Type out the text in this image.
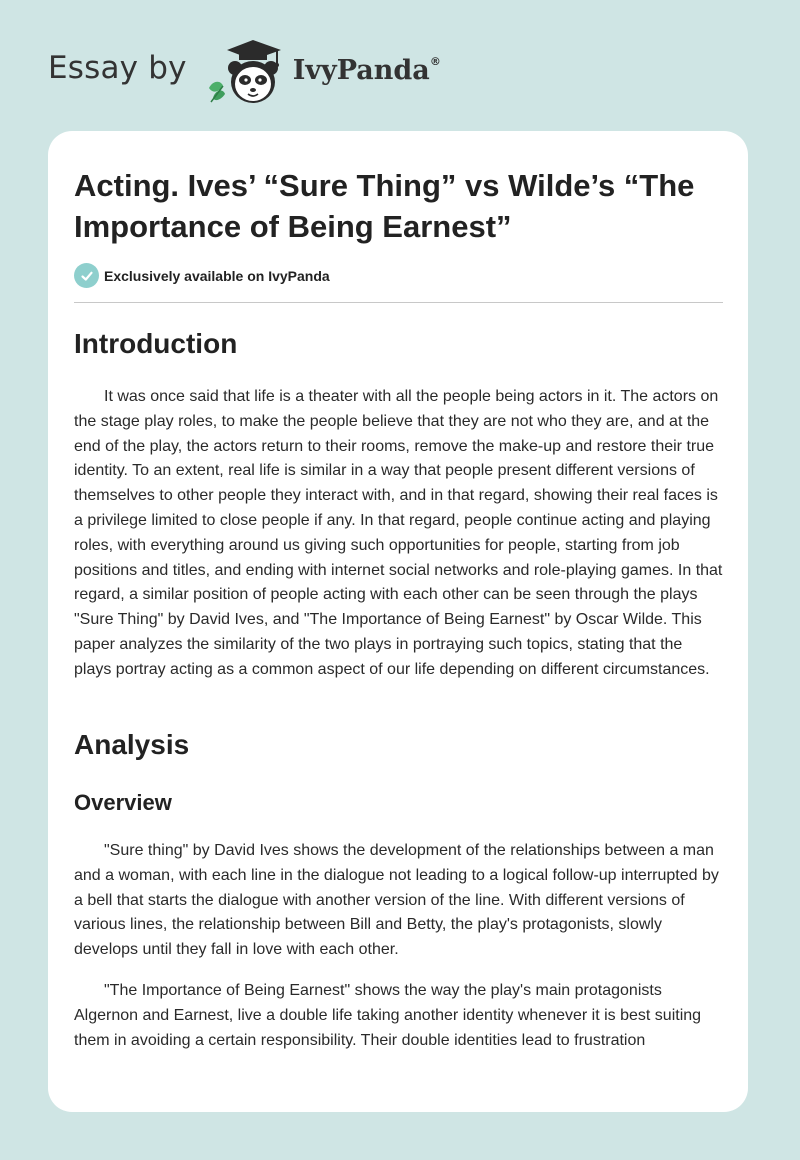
Essay by	IvyPanda®
Acting. Ives’ “Sure Thing” vs Wilde’s “The Importance of Being Earnest”
Exclusively available on IvyPanda
Introduction

It was once said that life is a theater with all the people being actors in it. The actors on the stage play roles, to make the people believe that they are not who they are, and at the end of the play, the actors return to their rooms, remove the make-up and restore their true identity. To an extent, real life is similar in a way that people present different versions of themselves to other people they interact with, and in that regard, showing their real faces is a privilege limited to close people if any. In that regard, people continue acting and playing roles, with everything around us giving such opportunities for people, starting from job positions and titles, and ending with internet social networks and role-playing games. In that regard, a similar position of people acting with each other can be seen through the plays "Sure Thing" by David Ives, and "The Importance of Being Earnest" by Oscar Wilde. This paper analyzes the similarity of the two plays in portraying such topics, stating that the plays portray acting as a common aspect of our life depending on different circumstances.

Analysis
Overview

"Sure thing" by David Ives shows the development of the relationships between a man and a woman, with each line in the dialogue not leading to a logical follow-up interrupted by a bell that starts the dialogue with another version of the line. With different versions of various lines, the relationship between Bill and Betty, the play's protagonists, slowly develops until they fall in love with each other.

"The Importance of Being Earnest" shows the way the play's main protagonists Algernon and Earnest, live a double life taking another identity whenever it is best suiting them in avoiding a certain responsibility. Their double identities lead to frustration
